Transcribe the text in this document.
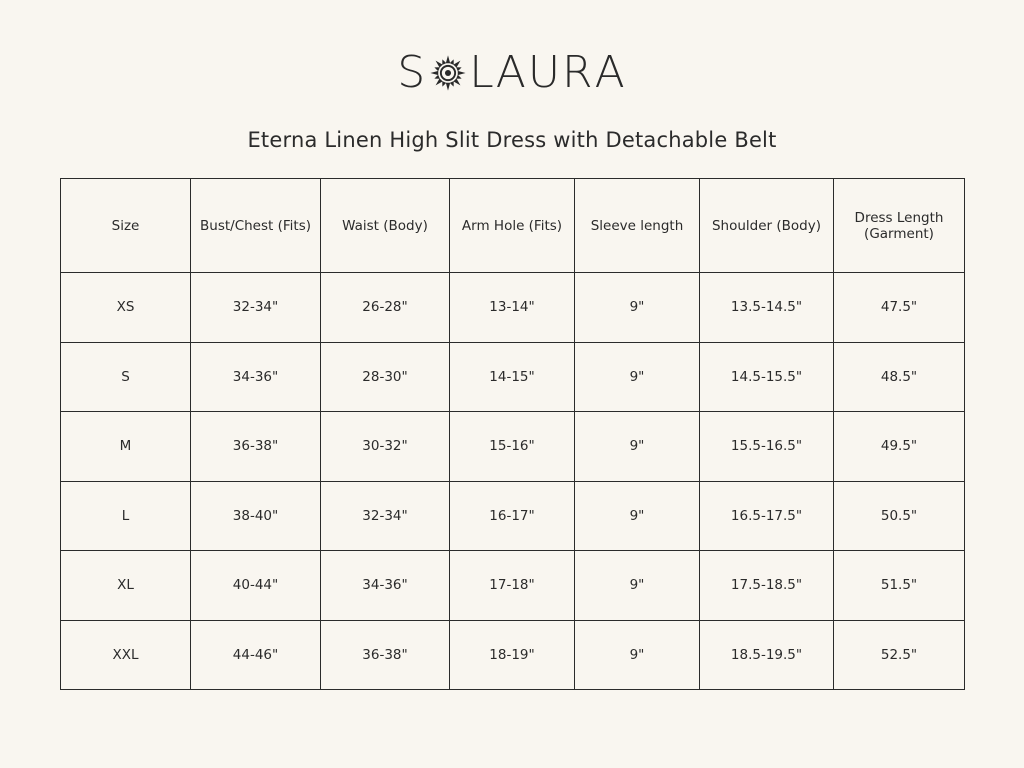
S L A U R A
Eterna Linen High Slit Dress with Detachable Belt
Size	Bust/Chest (Fits)	Waist (Body)	Arm Hole (Fits)	Sleeve length	Shoulder (Body)	Dress Length (Garment)
XS	32-34"	26-28"	13-14"	9"	13.5-14.5"	47.5"
S	34-36"	28-30"	14-15"	9"	14.5-15.5"	48.5"
M	36-38"	30-32"	15-16"	9"	15.5-16.5"	49.5"
L	38-40"	32-34"	16-17"	9"	16.5-17.5"	50.5"
XL	40-44"	34-36"	17-18"	9"	17.5-18.5"	51.5"
XXL	44-46"	36-38"	18-19"	9"	18.5-19.5"	52.5"
